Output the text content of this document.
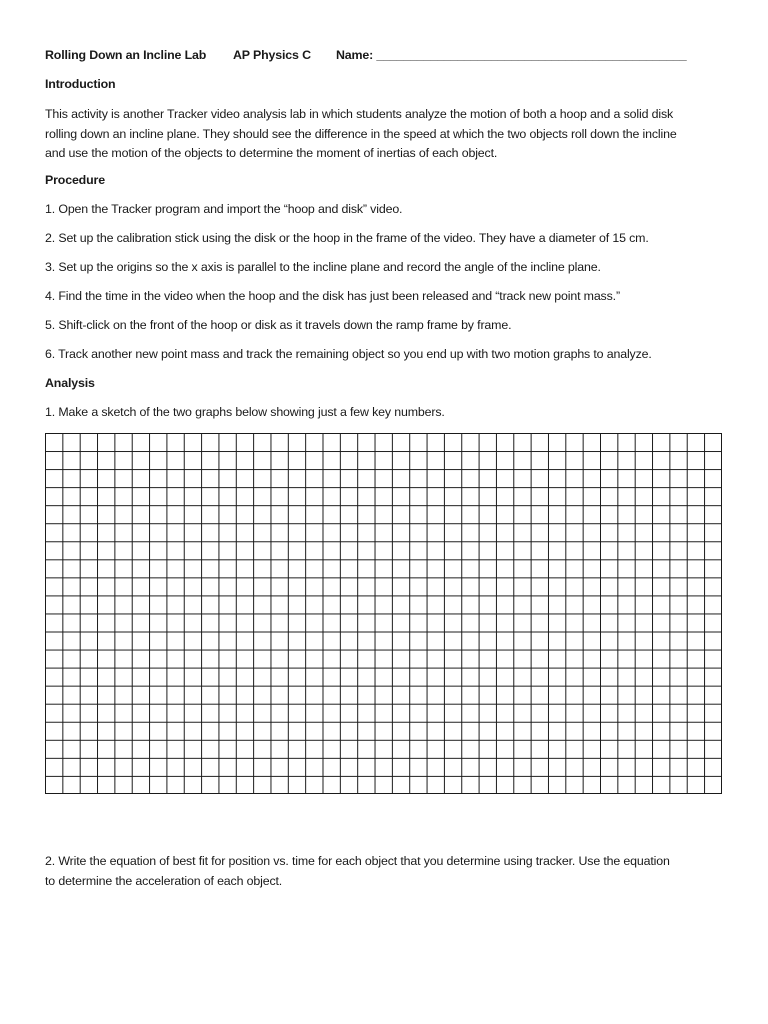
Rolling Down an Incline Lab AP Physics C Name: ______________________________________________
Introduction
This activity is another Tracker video analysis lab in which students analyze the motion of both a hoop and a solid disk
rolling down an incline plane. They should see the difference in the speed at which the two objects roll down the incline
and use the motion of the objects to determine the moment of inertias of each object.
Procedure
1. Open the Tracker program and import the “hoop and disk” video.
2. Set up the calibration stick using the disk or the hoop in the frame of the video. They have a diameter of 15 cm.
3. Set up the origins so the x axis is parallel to the incline plane and record the angle of the incline plane.
4. Find the time in the video when the hoop and the disk has just been released and “track new point mass.”
5. Shift-click on the front of the hoop or disk as it travels down the ramp frame by frame.
6. Track another new point mass and track the remaining object so you end up with two motion graphs to analyze.
Analysis
1. Make a sketch of the two graphs below showing just a few key numbers.
2. Write the equation of best fit for position vs. time for each object that you determine using tracker. Use the equation
to determine the acceleration of each object.
